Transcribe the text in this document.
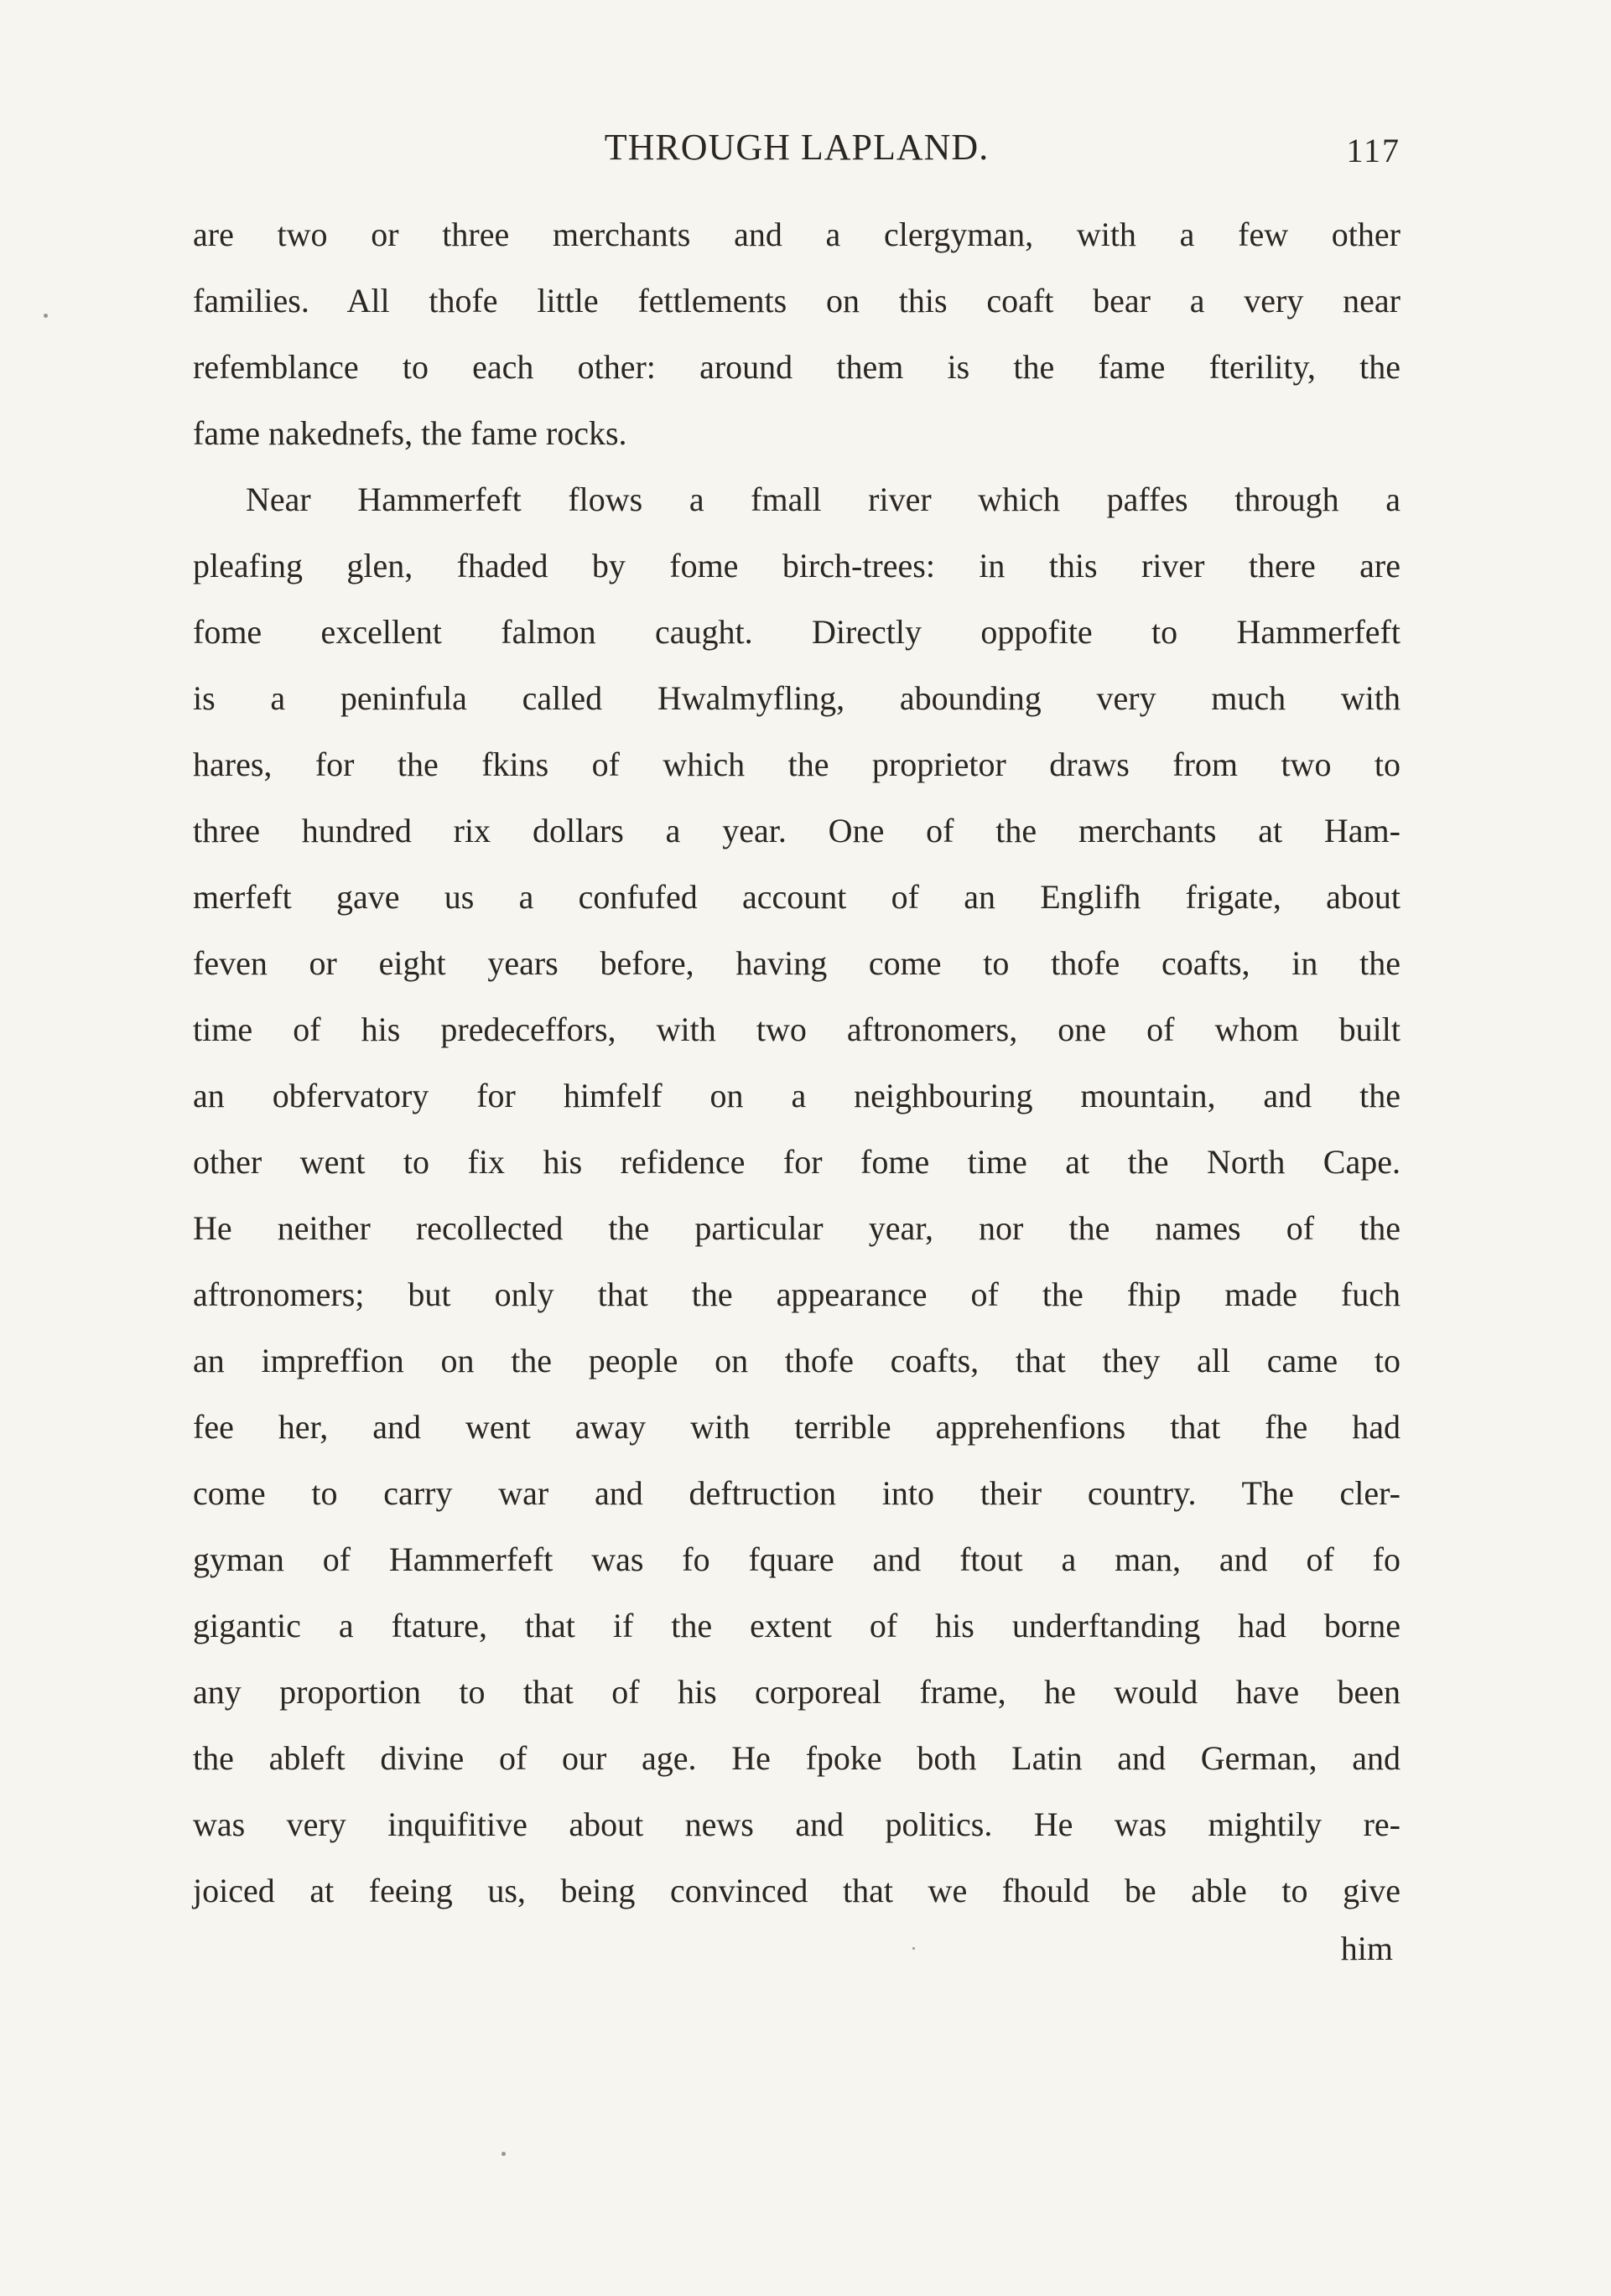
THROUGH LAPLAND.	117
are two or three merchants and a clergyman, with a few other
families. All thofe little fettlements on this coaft bear a very near
refemblance to each other: around them is the fame fterility, the
fame nakednefs, the fame rocks.
Near Hammerfeft flows a fmall river which paffes through a
pleafing glen, fhaded by fome birch-trees: in this river there are
fome excellent falmon caught. Directly oppofite to Hammerfeft
is a peninfula called Hwalmyfling, abounding very much with
hares, for the fkins of which the proprietor draws from two to
three hundred rix dollars a year. One of the merchants at Ham-
merfeft gave us a confufed account of an Englifh frigate, about
feven or eight years before, having come to thofe coafts, in the
time of his predeceffors, with two aftronomers, one of whom built
an obfervatory for himfelf on a neighbouring mountain, and the
other went to fix his refidence for fome time at the North Cape.
He neither recollected the particular year, nor the names of the
aftronomers; but only that the appearance of the fhip made fuch
an impreffion on the people on thofe coafts, that they all came to
fee her, and went away with terrible apprehenfions that fhe had
come to carry war and deftruction into their country. The cler-
gyman of Hammerfeft was fo fquare and ftout a man, and of fo
gigantic a ftature, that if the extent of his underftanding had borne
any proportion to that of his corporeal frame, he would have been
the ableft divine of our age. He fpoke both Latin and German, and
was very inquifitive about news and politics. He was mightily re-
joiced at feeing us, being convinced that we fhould be able to give
him
